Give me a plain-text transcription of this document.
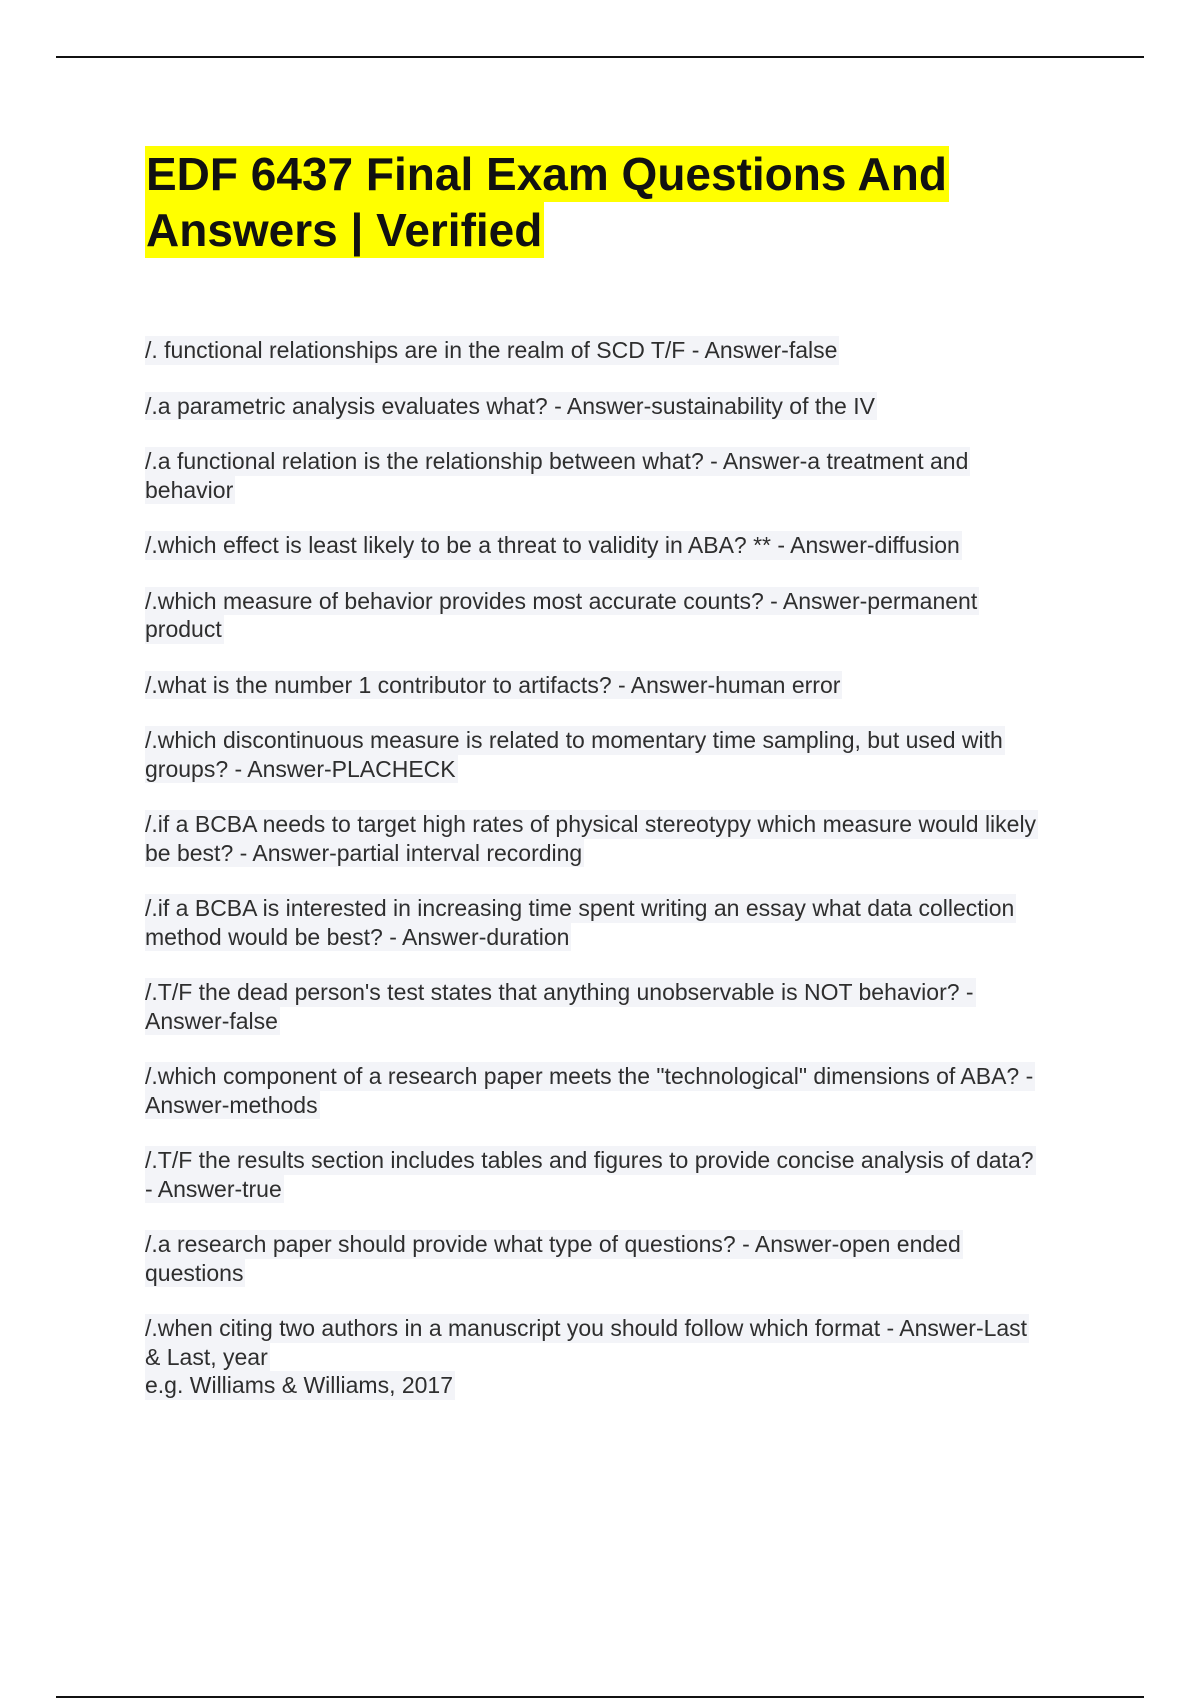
EDF 6437 Final Exam Questions And
Answers | Verified
/. functional relationships are in the realm of SCD T/F - Answer-false
/.a parametric analysis evaluates what? - Answer-sustainability of the IV
/.a functional relation is the relationship between what? - Answer-a treatment and
behavior
/.which effect is least likely to be a threat to validity in ABA? ** - Answer-diffusion
/.which measure of behavior provides most accurate counts? - Answer-permanent
product
/.what is the number 1 contributor to artifacts? - Answer-human error
/.which discontinuous measure is related to momentary time sampling, but used with
groups? - Answer-PLACHECK
/.if a BCBA needs to target high rates of physical stereotypy which measure would likely
be best? - Answer-partial interval recording
/.if a BCBA is interested in increasing time spent writing an essay what data collection
method would be best? - Answer-duration
/.T/F the dead person's test states that anything unobservable is NOT behavior? -
Answer-false
/.which component of a research paper meets the "technological" dimensions of ABA? -
Answer-methods
/.T/F the results section includes tables and figures to provide concise analysis of data?
- Answer-true
/.a research paper should provide what type of questions? - Answer-open ended
questions
/.when citing two authors in a manuscript you should follow which format - Answer-Last
& Last, year
e.g. Williams & Williams, 2017
